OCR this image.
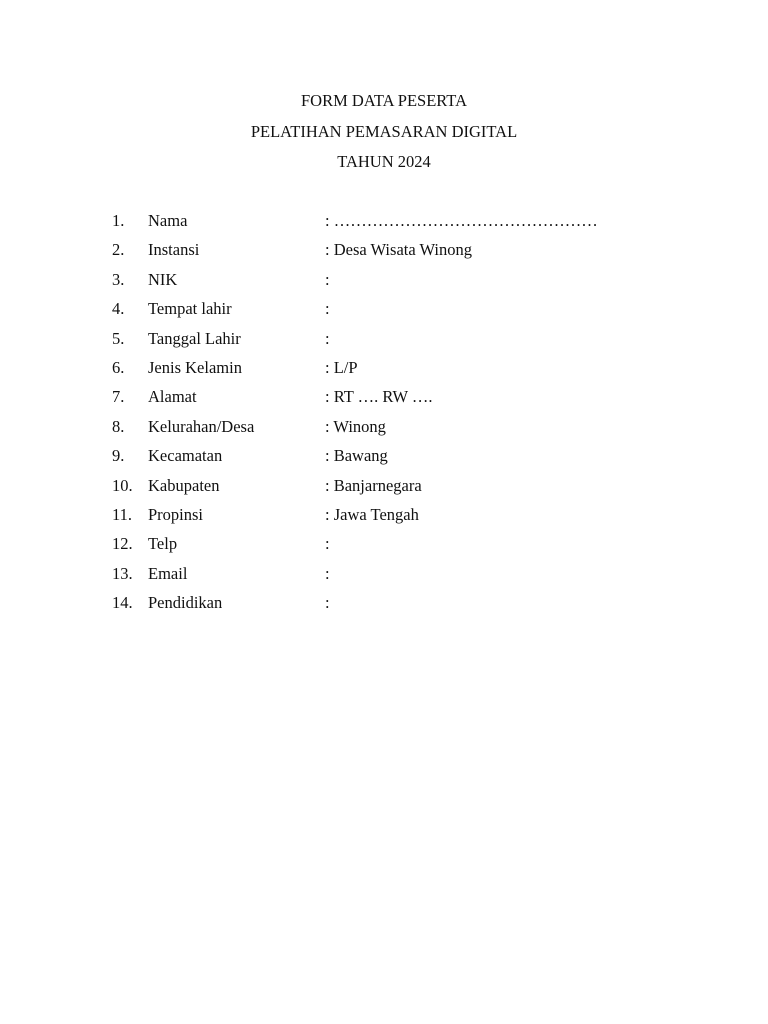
FORM DATA PESERTA
PELATIHAN PEMASARAN DIGITAL
TAHUN 2024
1. Nama	: …………………………………………
2. Instansi	: Desa Wisata Winong
3. NIK	:
4. Tempat lahir	:
5. Tanggal Lahir	:
6. Jenis Kelamin	: L/P
7. Alamat	: RT …. RW ….
8. Kelurahan/Desa	: Winong
9. Kecamatan	: Bawang
10. Kabupaten	: Banjarnegara
11. Propinsi	: Jawa Tengah
12. Telp	:
13. Email	:
14. Pendidikan	:
